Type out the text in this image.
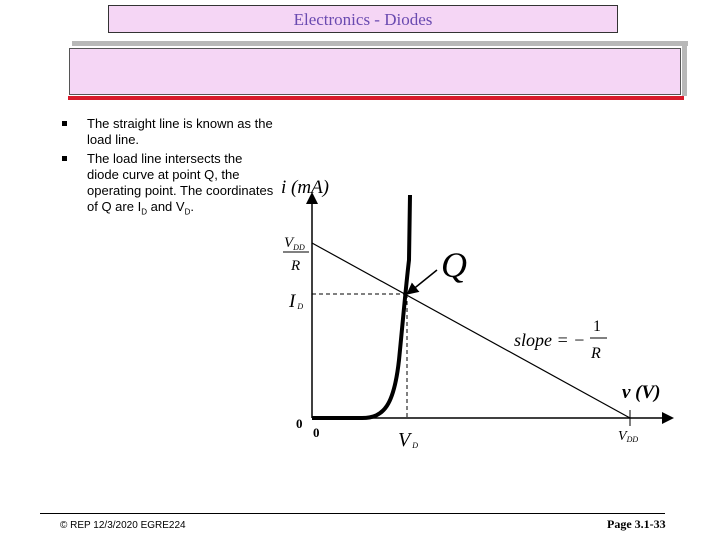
Electronics - Diodes
The straight line is known as the load line.
The load line intersects the diode curve at point Q, the operating point. The coordinates of Q are $I_D$ and $V_D$.
i (mA)
$V_{DD}$
R
I D
Q
slope = −
1
R
v (V)
0
0	V D
VDD
© REP 12/3/2020 EGRE224	Page 3.1-33
